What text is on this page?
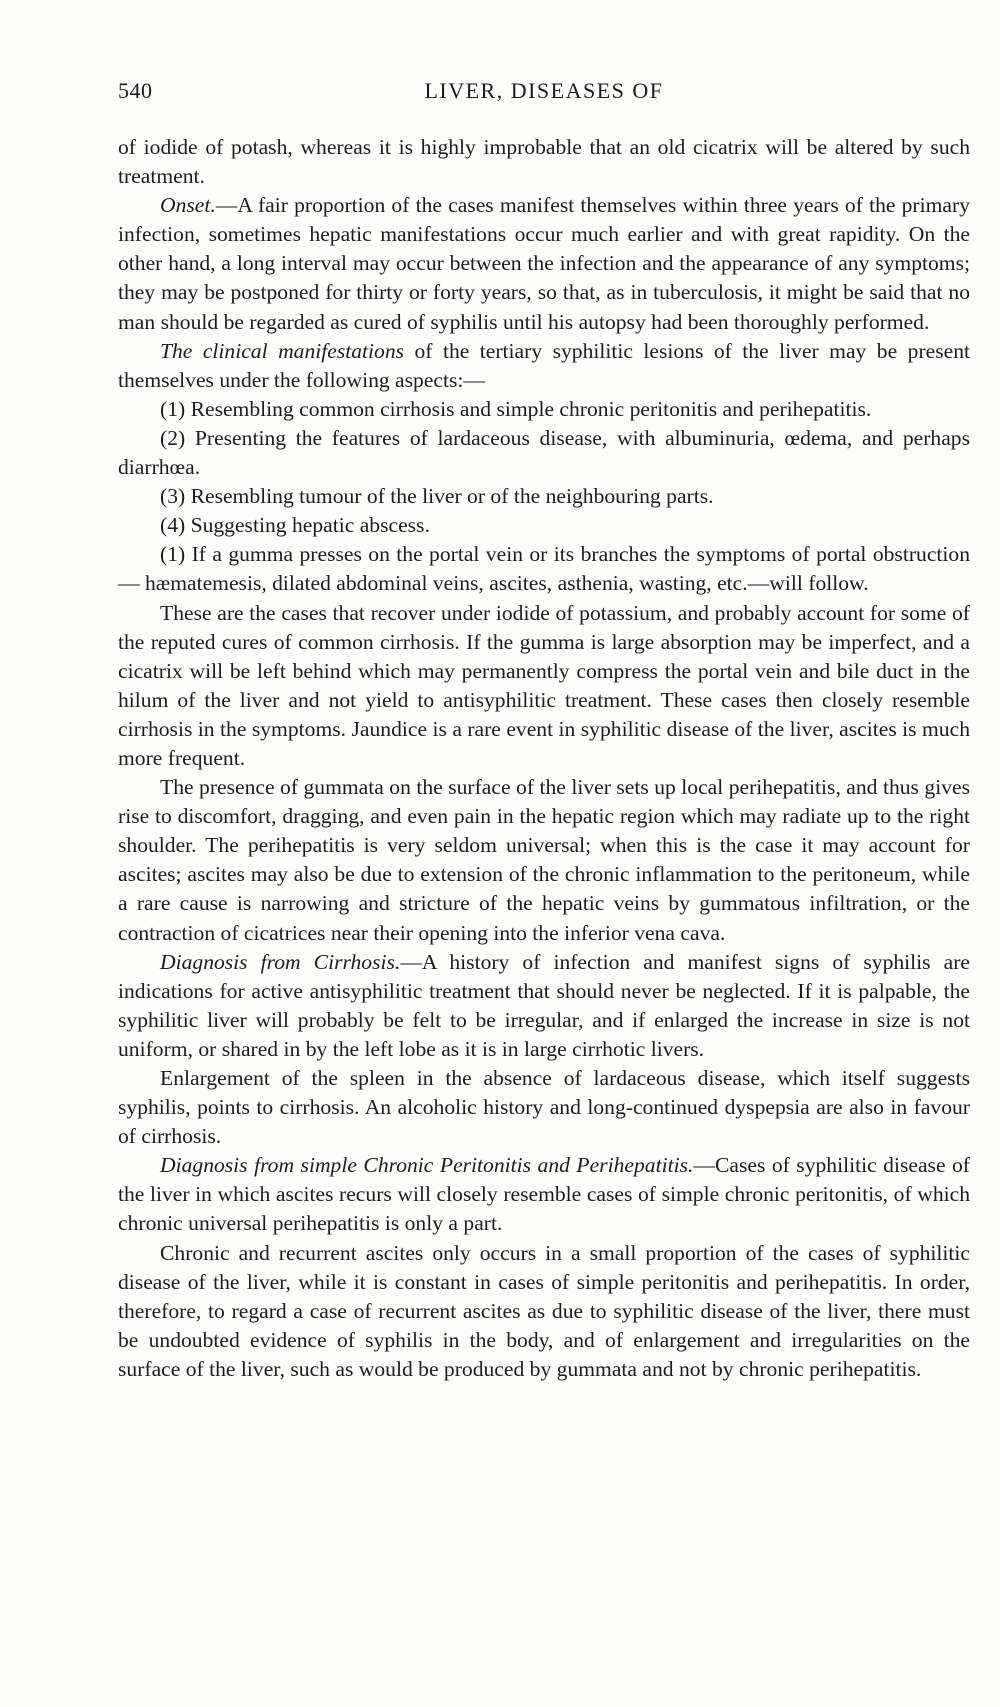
540	LIVER, DISEASES OF

of iodide of potash, whereas it is highly improbable that an old cicatrix will be altered by such treatment.

Onset.—A fair proportion of the cases manifest themselves within three years of the primary infection, sometimes hepatic manifestations occur much earlier and with great rapidity. On the other hand, a long interval may occur between the infection and the appearance of any symptoms; they may be postponed for thirty or forty years, so that, as in tuberculosis, it might be said that no man should be regarded as cured of syphilis until his autopsy had been thoroughly performed.

The clinical manifestations of the tertiary syphilitic lesions of the liver may be present themselves under the following aspects:—

(1) Resembling common cirrhosis and simple chronic peritonitis and perihepatitis.

(2) Presenting the features of lardaceous disease, with albuminuria, œdema, and perhaps diarrhœa.

(3) Resembling tumour of the liver or of the neighbouring parts.

(4) Suggesting hepatic abscess.

(1) If a gumma presses on the portal vein or its branches the symptoms of portal obstruction — hæmatemesis, dilated abdominal veins, ascites, asthenia, wasting, etc.—will follow.

These are the cases that recover under iodide of potassium, and probably account for some of the reputed cures of common cirrhosis. If the gumma is large absorption may be imperfect, and a cicatrix will be left behind which may permanently compress the portal vein and bile duct in the hilum of the liver and not yield to antisyphilitic treatment. These cases then closely resemble cirrhosis in the symptoms. Jaundice is a rare event in syphilitic disease of the liver, ascites is much more frequent.

The presence of gummata on the surface of the liver sets up local perihepatitis, and thus gives rise to discomfort, dragging, and even pain in the hepatic region which may radiate up to the right shoulder. The perihepatitis is very seldom universal; when this is the case it may account for ascites; ascites may also be due to extension of the chronic inflammation to the peritoneum, while a rare cause is narrowing and stricture of the hepatic veins by gummatous infiltration, or the contraction of cicatrices near their opening into the inferior vena cava.

Diagnosis from Cirrhosis.—A history of infection and manifest signs of syphilis are indications for active antisyphilitic treatment that should never be neglected. If it is palpable, the syphilitic liver will probably be felt to be irregular, and if enlarged the increase in size is not uniform, or shared in by the left lobe as it is in large cirrhotic livers.

Enlargement of the spleen in the absence of lardaceous disease, which itself suggests syphilis, points to cirrhosis. An alcoholic history and long-continued dyspepsia are also in favour of cirrhosis.

Diagnosis from simple Chronic Peritonitis and Perihepatitis.—Cases of syphilitic disease of the liver in which ascites recurs will closely resemble cases of simple chronic peritonitis, of which chronic universal perihepatitis is only a part.

Chronic and recurrent ascites only occurs in a small proportion of the cases of syphilitic disease of the liver, while it is constant in cases of simple peritonitis and perihepatitis. In order, therefore, to regard a case of recurrent ascites as due to syphilitic disease of the liver, there must be undoubted evidence of syphilis in the body, and of enlargement and irregularities on the surface of the liver, such as would be produced by gummata and not by chronic perihepatitis.
